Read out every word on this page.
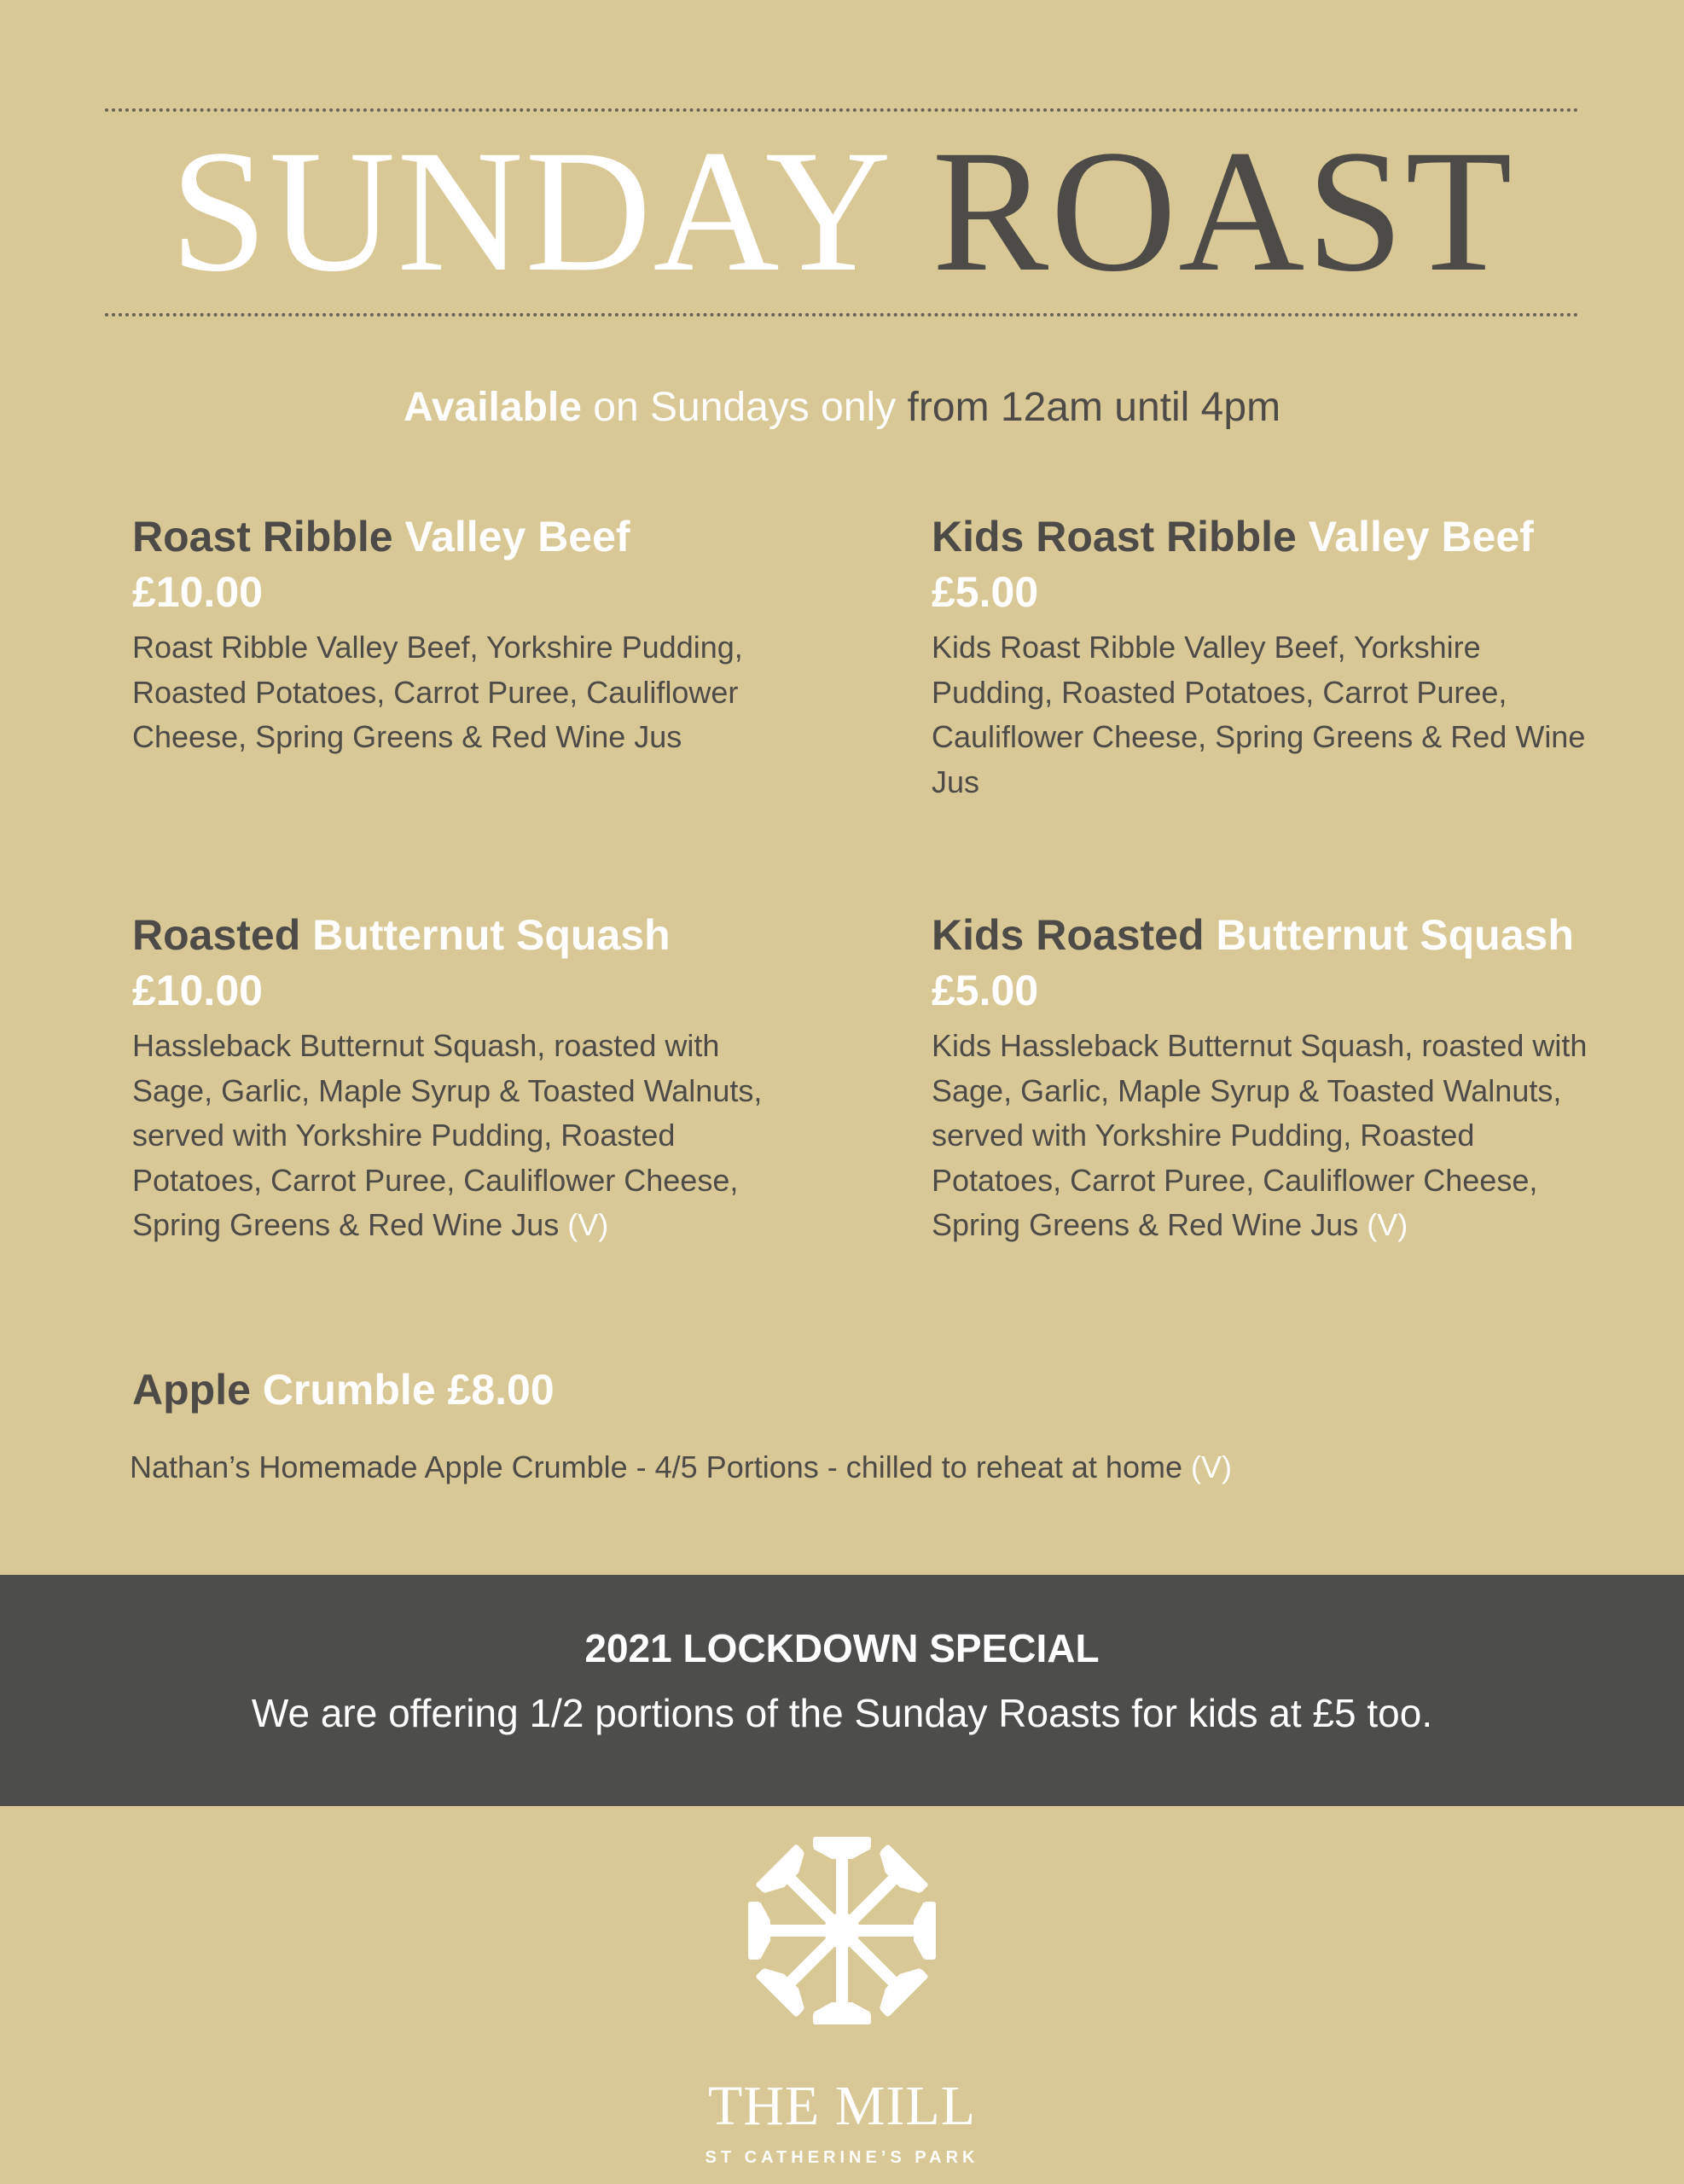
SUNDAY ROAST
Available on Sundays only from 12am until 4pm
Roast Ribble Valley Beef
£10.00

Roast Ribble Valley Beef, Yorkshire Pudding, Roasted Potatoes, Carrot Puree, Cauliflower Cheese, Spring Greens & Red Wine Jus

Kids Roast Ribble Valley Beef £5.00

Kids Roast Ribble Valley Beef, Yorkshire Pudding, Roasted Potatoes, Carrot Puree, Cauliflower Cheese, Spring Greens & Red Wine Jus

Roasted Butternut Squash
£10.00

Hassleback Butternut Squash, roasted with Sage, Garlic, Maple Syrup & Toasted Walnuts, served with Yorkshire Pudding, Roasted Potatoes, Carrot Puree, Cauliflower Cheese, Spring Greens & Red Wine Jus (V)

Kids Roasted Butternut Squash £5.00

Kids Hassleback Butternut Squash, roasted with Sage, Garlic, Maple Syrup & Toasted Walnuts, served with Yorkshire Pudding, Roasted Potatoes, Carrot Puree, Cauliflower Cheese, Spring Greens & Red Wine Jus (V)

Apple Crumble £8.00

Nathan’s Homemade Apple Crumble - 4/5 Portions - chilled to reheat at home (V)

2021 LOCKDOWN SPECIAL

We are offering 1/2 portions of the Sunday Roasts for kids at £5 too.

THE MILL
ST CATHERINE’S PARK
